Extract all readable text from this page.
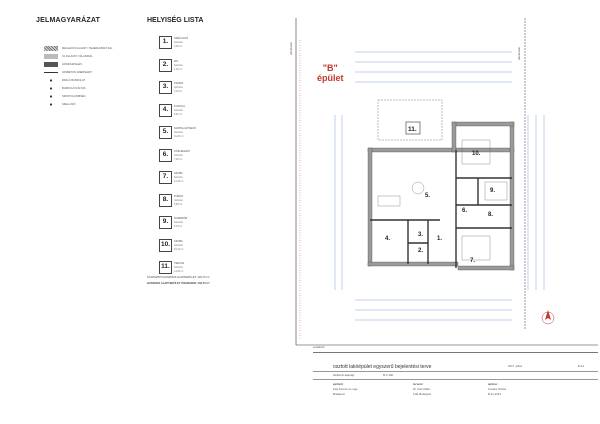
JELMAGYARÁZAT
MEGLÉVŐ FALAZAT / TEHERHORDÓ FAL
ÚJ FALAZAT, VÁLASZFAL
HŐSZIGETELÉS
VASBETON SZERKEZET
PADLÓ BURKOLAT
BURKOLATVÁLTÁS
SZINTKÜLÖNBSÉG
SZELLŐZŐ
HELYISÉG LISTA
1.	SZÉLFOGÓ
burkolat
3,06 m²
2.	WC
burkolat
1,62 m²
3.	KAMRA
burkolat
2,04 m²
4.	KONYHA
burkolat
8,82 m²
5.	NAPPALI-ÉTKEZŐ
burkolat
31,26 m²
6.	KÖZLEKEDŐ
burkolat
7,28 m²
7.	SZOBA
burkolat
13,43 m²
8.	FÜRDŐ
burkolat
5,85 m²
9.	GARDRÓB
burkolat
3,24 m²
10.	SZOBA
burkolat
15,04 m²
11.	TERASZ
burkolat
14,06 m²
FÖLDSZINTI HASZNOS ALAPTERÜLET: 103,70 m²
HASZNOS ALAPTERÜLET ÖSSZESEN: 103,70 m²
10.
9.
6.
8.
7.
5.
4.
3.
2.
1.
11.
telekhatár	telekhatár
"B"
épület
Letelkcím
osztott lakóépület egyszerű bejelentési terve	2017. július	É-01
földszinti alaprajz	M 1:100
építtető
Kiss Ferenc és neje
Budapest
tervező
Dr. Kiss Ildikó
1111 Budapest
építész
Kovács Tamás
É 01-1234
